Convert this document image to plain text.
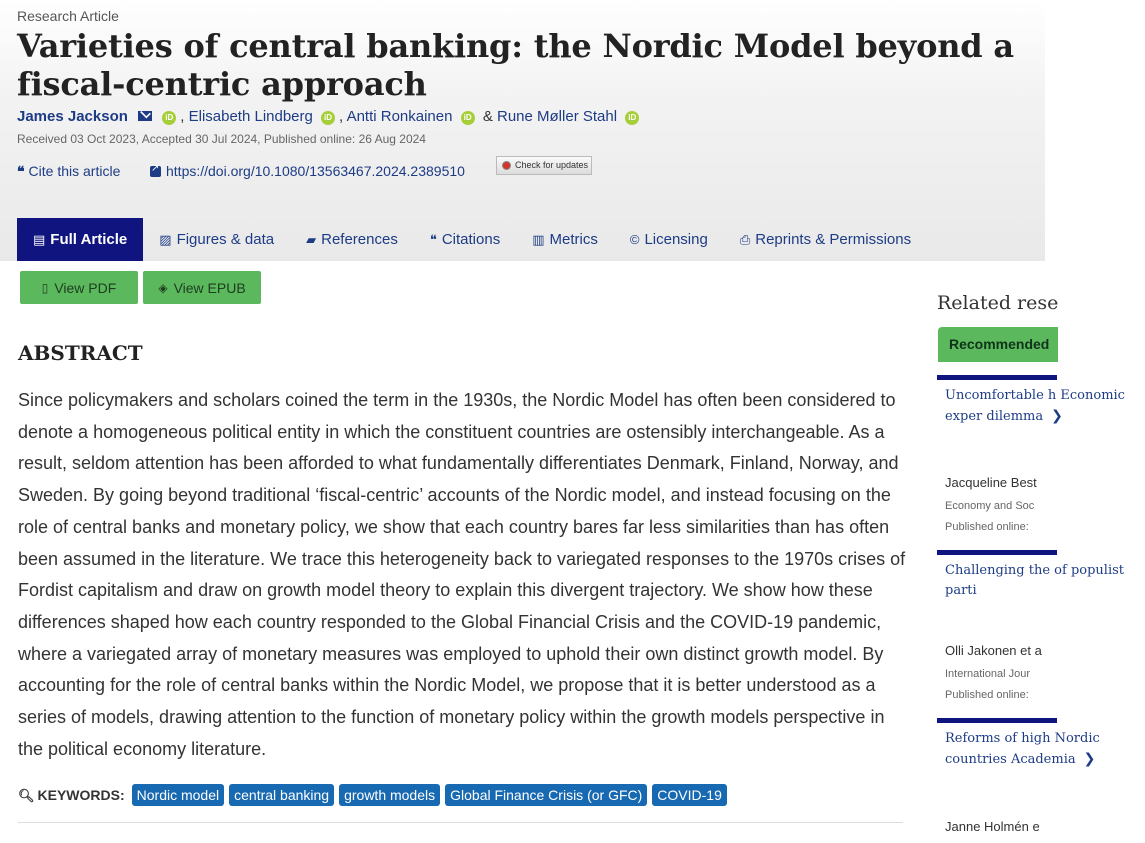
Research Article
Varieties of central banking: the Nordic Model beyond a fiscal-centric approach
James Jackson	iD , Elisabeth Lindberg iD , Antti Ronkainen iD & Rune Møller Stahl iD
Received 03 Oct 2023, Accepted 30 Jul 2024, Published online: 26 Aug 2024
❝ Cite this article
↗	https://doi.org/10.1080/13563467.2024.2389510	Check for updates
▤ Full Article ▨ Figures & data ▰ References ❝ Citations ▥ Metrics © Licensing ⎙ Reprints & Permissions
▯ View PDF	◈ View EPUB
ABSTRACT

Since policymakers and scholars coined the term in the 1930s, the Nordic Model has often been considered to denote a homogeneous political entity in which the constituent countries are ostensibly interchangeable. As a result, seldom attention has been afforded to what fundamentally differentiates Denmark, Finland, Norway, and Sweden. By going beyond traditional ‘fiscal-centric’ accounts of the Nordic model, and instead focusing on the role of central banks and monetary policy, we show that each country bares far less similarities than has often been assumed in the literature. We trace this heterogeneity back to variegated responses to the 1970s crises of Fordist capitalism and draw on growth model theory to explain this divergent trajectory. We show how these differences shaped how each country responded to the Global Financial Crisis and the COVID-19 pandemic, where a variegated array of monetary measures was employed to uphold their own distinct growth model. By accounting for the role of central banks within the Nordic Model, we propose that it is better understood as a series of models, drawing attention to the function of monetary policy within the growth models perspective in the political economy literature.

🔍︎ KEYWORDS: Nordic model	central banking	growth models	Global Finance Crisis (or GFC)	COVID-19
Related rese
Recommended

Uncomfortable h Economic exper dilemma ❯

Jacqueline Best
Economy and Soc
Published online:

Challenging the of populist parti

Olli Jakonen et a
International Jour
Published online:

Reforms of high Nordic countries Academia ❯

Janne Holmén e
